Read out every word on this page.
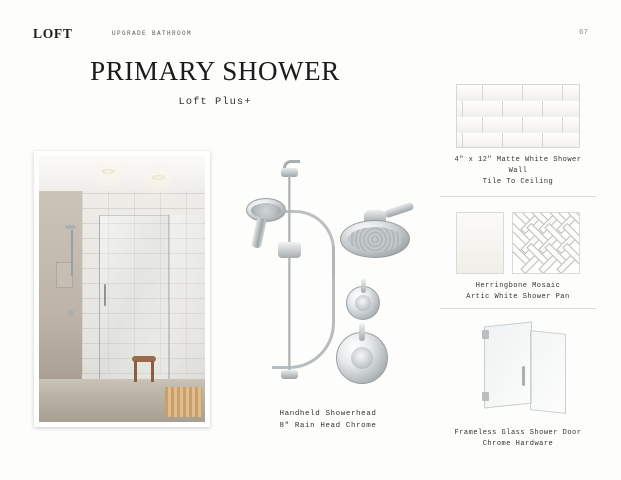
LOFT	UPGRADE BATHROOM	67
PRIMARY SHOWER
Loft Plus+
Handheld Showerhead
8" Rain Head Chrome
4" x 12" Matte White Shower
Wall
Tile To Ceiling
Herringbone Mosaic
Artic White Shower Pan
Frameless Glass Shower Door
Chrome Hardware
